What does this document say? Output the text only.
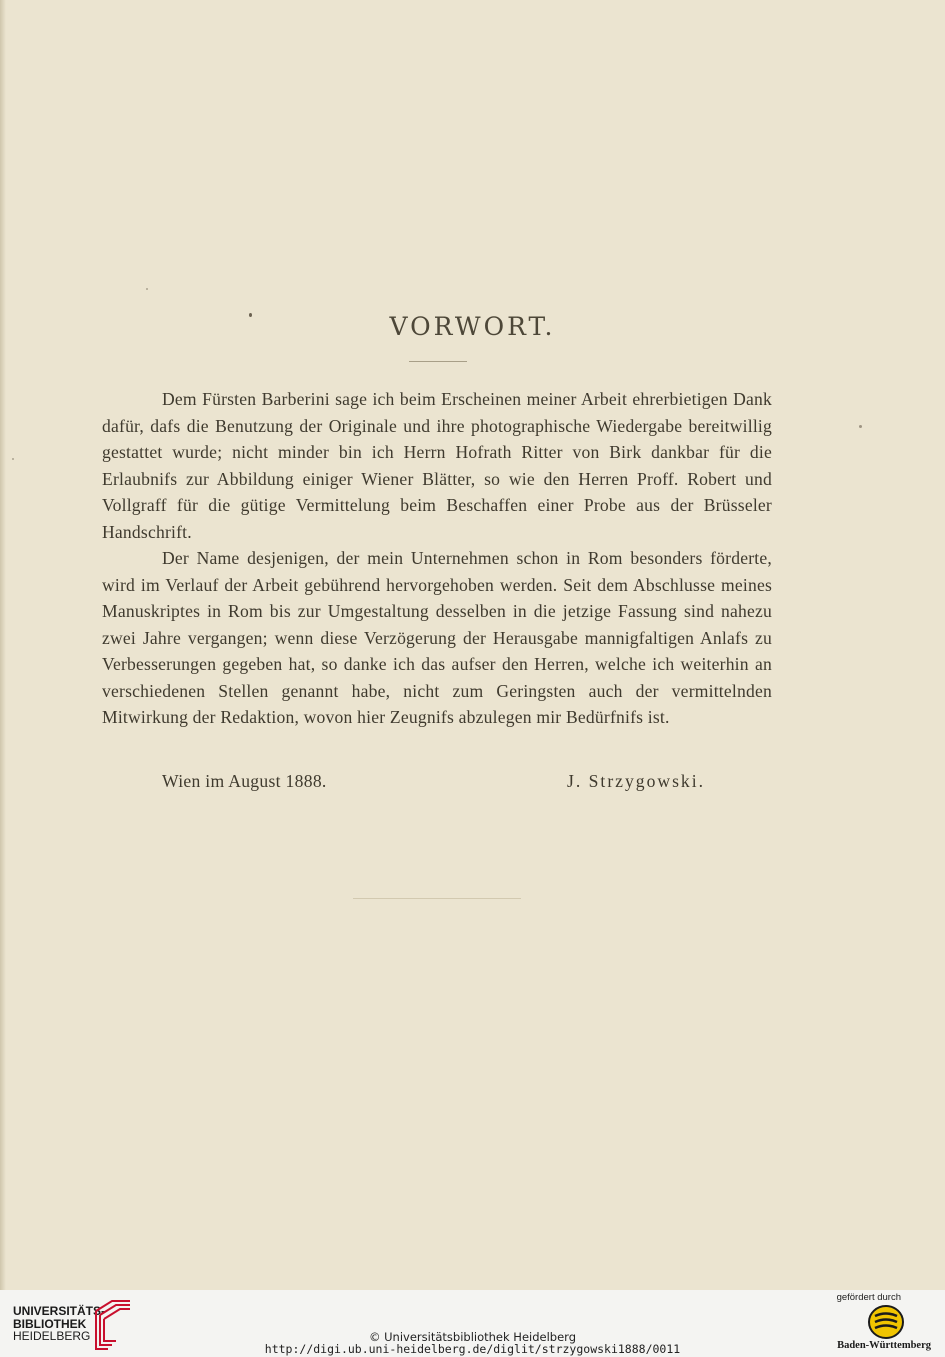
VORWORT.

Dem Fürsten Barberini sage ich beim Erscheinen meiner Arbeit ehrerbietigen Dank dafür, dafs die Benutzung der Originale und ihre photographische Wiedergabe bereitwillig gestattet wurde; nicht minder bin ich Herrn Hofrath Ritter von Birk dankbar für die Erlaubnifs zur Abbildung einiger Wiener Blätter, so wie den Herren Proff. Robert und Vollgraff für die gütige Vermittelung beim Beschaffen einer Probe aus der Brüsseler Handschrift.

Der Name desjenigen, der mein Unternehmen schon in Rom besonders förderte, wird im Verlauf der Arbeit gebührend hervorgehoben werden. Seit dem Abschlusse meines Manuskriptes in Rom bis zur Umgestaltung desselben in die jetzige Fassung sind nahezu zwei Jahre vergangen; wenn diese Verzögerung der Herausgabe mannigfaltigen Anlafs zu Verbesserungen gegeben hat, so danke ich das aufser den Herren, welche ich weiterhin an verschiedenen Stellen genannt habe, nicht zum Geringsten auch der vermittelnden Mitwirkung der Redaktion, wovon hier Zeugnifs abzulegen mir Bedürfnifs ist.

Wien im August 1888.	J. Strzygowski.
UNIVERSITÄTS-
BIBLIOTHEK
HEIDELBERG	© Universitätsbibliothek Heidelberg
http://digi.ub.uni-heidelberg.de/diglit/strzygowski1888/0011
gefördert durch
Baden-Württemberg
